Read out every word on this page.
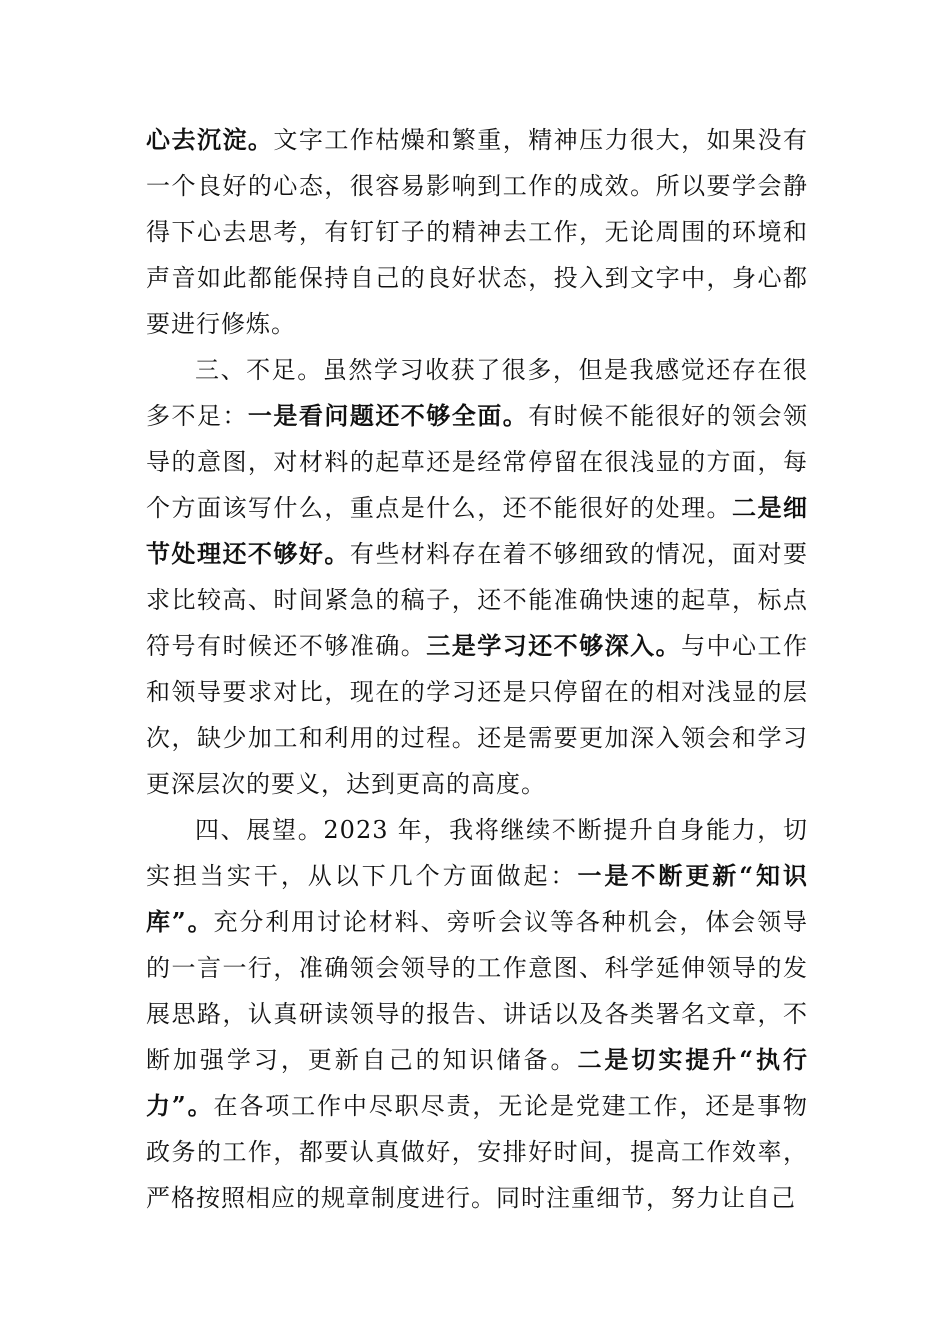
心去沉淀。文字工作枯燥和繁重，精神压力很大，如果没有一个良好的心态，很容易影响到工作的成效。所以要学会静得下心去思考，有钉钉子的精神去工作，无论周围的环境和声音如此都能保持自己的良好状态，投入到文字中，身心都要进行修炼。

三、不足。虽然学习收获了很多，但是我感觉还存在很多不足：一是看问题还不够全面。有时候不能很好的领会领导的意图，对材料的起草还是经常停留在很浅显的方面，每个方面该写什么，重点是什么，还不能很好的处理。二是细节处理还不够好。有些材料存在着不够细致的情况，面对要求比较高、时间紧急的稿子，还不能准确快速的起草，标点符号有时候还不够准确。三是学习还不够深入。与中心工作和领导要求对比，现在的学习还是只停留在的相对浅显的层次，缺少加工和利用的过程。还是需要更加深入领会和学习更深层次的要义，达到更高的高度。

四、展望。2023 年，我将继续不断提升自身能力，切实担当实干，从以下几个方面做起：一是不断更新“知识库”。充分利用讨论材料、旁听会议等各种机会，体会领导的一言一行，准确领会领导的工作意图、科学延伸领导的发展思路，认真研读领导的报告、讲话以及各类署名文章，不断加强学习，更新自己的知识储备。二是切实提升“执行力”。在各项工作中尽职尽责，无论是党建工作，还是事物政务的工作，都要认真做好，安排好时间，提高工作效率，严格按照相应的规章制度进行。同时注重细节，努力让自己
